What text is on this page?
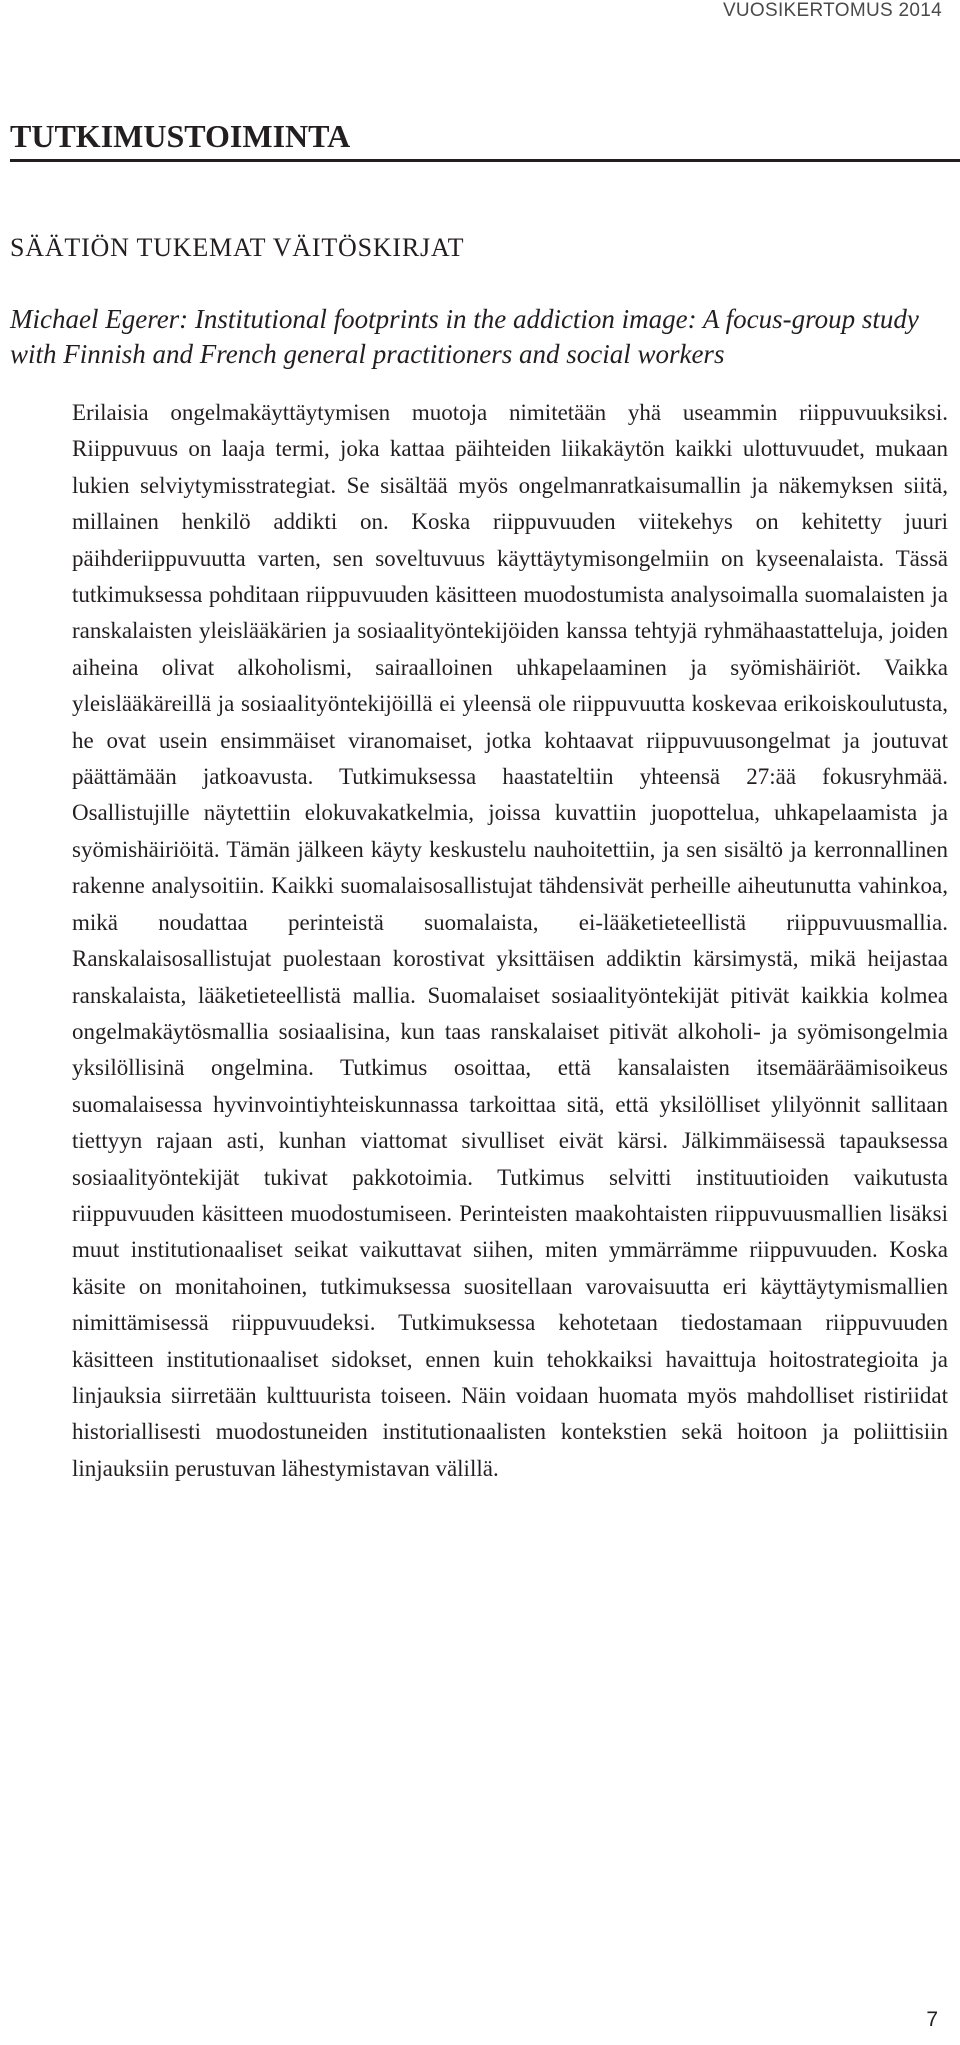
VUOSIKERTOMUS 2014
TUTKIMUSTOIMINTA
SÄÄTIÖN TUKEMAT VÄITÖSKIRJAT

Michael Egerer: Institutional footprints in the addiction image: A focus-group study with Finnish and French general practitioners and social workers

Erilaisia ongelmakäyttäytymisen muotoja nimitetään yhä useammin riippuvuuksiksi. Riippuvuus on laaja termi, joka kattaa päihteiden liikakäytön kaikki ulottuvuudet, mukaan lukien selviytymisstrategiat. Se sisältää myös ongelmanratkaisumallin ja näkemyksen siitä, millainen henkilö addikti on. Koska riippuvuuden viitekehys on kehitetty juuri päihderiippuvuutta varten, sen soveltuvuus käyttäytymisongelmiin on kyseenalaista. Tässä tutkimuksessa pohditaan riippuvuuden käsitteen muodostumista analysoimalla suomalaisten ja ranskalaisten yleislääkärien ja sosiaalityöntekijöiden kanssa tehtyjä ryhmähaastatteluja, joiden aiheina olivat alkoholismi, sairaalloinen uhkapelaaminen ja syömishäiriöt. Vaikka yleislääkäreillä ja sosiaalityöntekijöillä ei yleensä ole riippuvuutta koskevaa erikoiskoulutusta, he ovat usein ensimmäiset viranomaiset, jotka kohtaavat riippuvuusongelmat ja joutuvat päättämään jatkoavusta. Tutkimuksessa haastateltiin yhteensä 27:ää fokusryhmää. Osallistujille näytettiin elokuvakatkelmia, joissa kuvattiin juopottelua, uhkapelaamista ja syömishäiriöitä. Tämän jälkeen käyty keskustelu nauhoitettiin, ja sen sisältö ja kerronnallinen rakenne analysoitiin. Kaikki suomalaisosallistujat tähdensivät perheille aiheutunutta vahinkoa, mikä noudattaa perinteistä suomalaista, ei-lääketieteellistä riippuvuusmallia. Ranskalaisosallistujat puolestaan korostivat yksittäisen addiktin kärsimystä, mikä heijastaa ranskalaista, lääketieteellistä mallia. Suomalaiset sosiaalityöntekijät pitivät kaikkia kolmea ongelmakäytösmallia sosiaalisina, kun taas ranskalaiset pitivät alkoholi- ja syömisongelmia yksilöllisinä ongelmina. Tutkimus osoittaa, että kansalaisten itsemääräämisoikeus suomalaisessa hyvinvointiyhteiskunnassa tarkoittaa sitä, että yksilölliset ylilyönnit sallitaan tiettyyn rajaan asti, kunhan viattomat sivulliset eivät kärsi. Jälkimmäisessä tapauksessa sosiaalityöntekijät tukivat pakkotoimia. Tutkimus selvitti instituutioiden vaikutusta riippuvuuden käsitteen muodostumiseen. Perinteisten maakohtaisten riippuvuusmallien lisäksi muut institutionaaliset seikat vaikuttavat siihen, miten ymmärrämme riippuvuuden. Koska käsite on monitahoinen, tutkimuksessa suositellaan varovaisuutta eri käyttäytymismallien nimittämisessä riippuvuudeksi. Tutkimuksessa kehotetaan tiedostamaan riippuvuuden käsitteen institutionaaliset sidokset, ennen kuin tehokkaiksi havaittuja hoitostrategioita ja linjauksia siirretään kulttuurista toiseen. Näin voidaan huomata myös mahdolliset ristiriidat historiallisesti muodostuneiden institutionaalisten kontekstien sekä hoitoon ja poliittisiin linjauksiin perustuvan lähestymistavan välillä.

7
